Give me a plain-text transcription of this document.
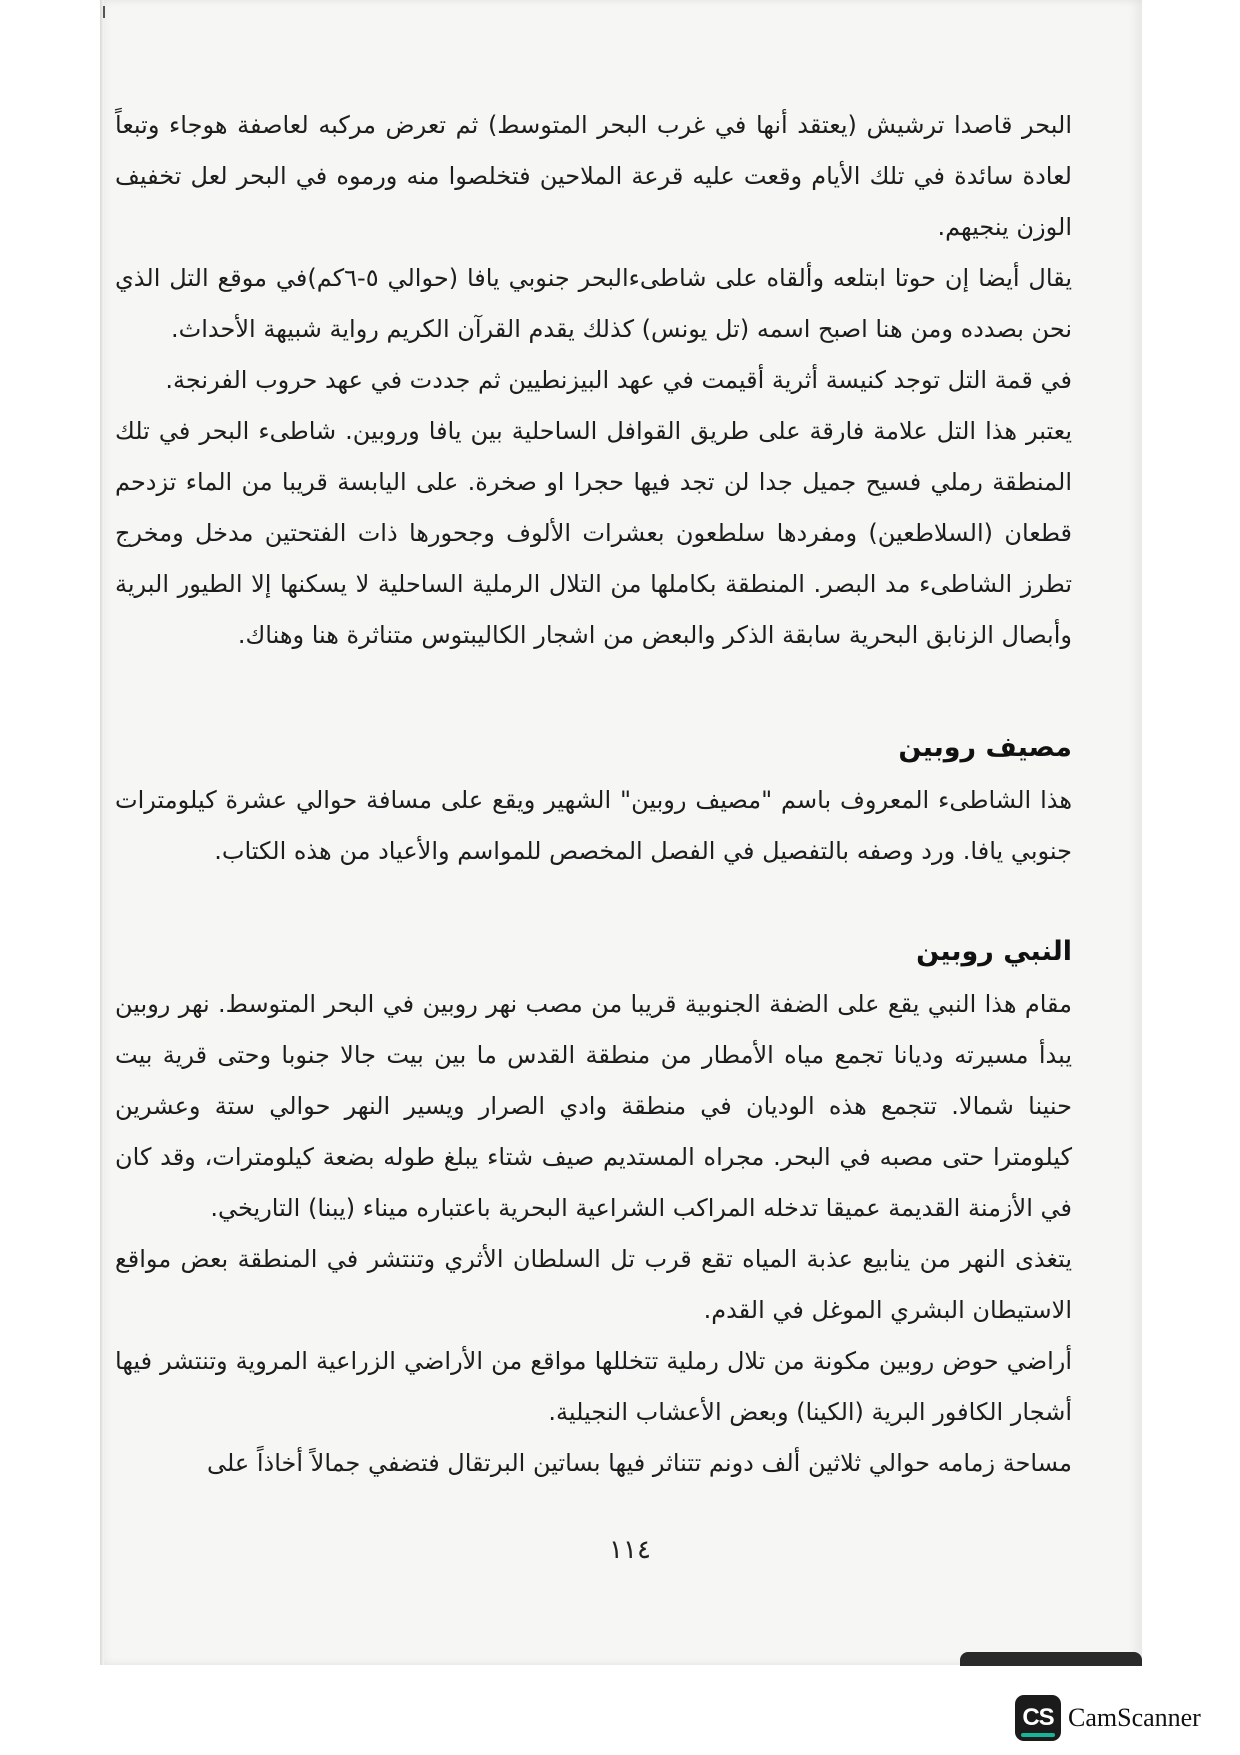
البحر قاصدا ترشيش (يعتقد أنها في غرب البحر المتوسط) ثم تعرض مركبه لعاصفة هوجاء وتبعاً لعادة سائدة في تلك الأيام وقعت عليه قرعة الملاحين فتخلصوا منه ورموه في البحر لعل تخفيف الوزن ينجيهم.

يقال أيضا إن حوتا ابتلعه وألقاه على شاطىءالبحر جنوبي يافا (حوالي ٥-٦كم)في موقع التل الذي نحن بصدده ومن هنا اصبح اسمه (تل يونس) كذلك يقدم القرآن الكريم رواية شبيهة الأحداث.

في قمة التل توجد كنيسة أثرية أقيمت في عهد البيزنطيين ثم جددت في عهد حروب الفرنجة.

يعتبر هذا التل علامة فارقة على طريق القوافل الساحلية بين يافا وروبين. شاطىء البحر في تلك المنطقة رملي فسيح جميل جدا لن تجد فيها حجرا او صخرة. على اليابسة قريبا من الماء تزدحم قطعان (السلاطعين) ومفردها سلطعون بعشرات الألوف وجحورها ذات الفتحتين مدخل ومخرج تطرز الشاطىء مد البصر. المنطقة بكاملها من التلال الرملية الساحلية لا يسكنها إلا الطيور البرية وأبصال الزنابق البحرية سابقة الذكر والبعض من اشجار الكاليبتوس متناثرة هنا وهناك.

مصيف روبين

هذا الشاطىء المعروف باسم "مصيف روبين" الشهير ويقع على مسافة حوالي عشرة كيلومترات جنوبي يافا. ورد وصفه بالتفصيل في الفصل المخصص للمواسم والأعياد من هذه الكتاب.

النبي روبين

مقام هذا النبي يقع على الضفة الجنوبية قريبا من مصب نهر روبين في البحر المتوسط. نهر روبين يبدأ مسيرته وديانا تجمع مياه الأمطار من منطقة القدس ما بين بيت جالا جنوبا وحتى قرية بيت حنينا شمالا. تتجمع هذه الوديان في منطقة وادي الصرار ويسير النهر حوالي ستة وعشرين كيلومترا حتى مصبه في البحر. مجراه المستديم صيف شتاء يبلغ طوله بضعة كيلومترات، وقد كان في الأزمنة القديمة عميقا تدخله المراكب الشراعية البحرية باعتباره ميناء (يبنا) التاريخي.

يتغذى النهر من ينابيع عذبة المياه تقع قرب تل السلطان الأثري وتنتشر في المنطقة بعض مواقع الاستيطان البشري الموغل في القدم.

أراضي حوض روبين مكونة من تلال رملية تتخللها مواقع من الأراضي الزراعية المروية وتنتشر فيها أشجار الكافور البرية (الكينا) وبعض الأعشاب النجيلية.

مساحة زمامه حوالي ثلاثين ألف دونم تتناثر فيها بساتين البرتقال فتضفي جمالاً أخاذاً على

١١٤
CS CamScanner
